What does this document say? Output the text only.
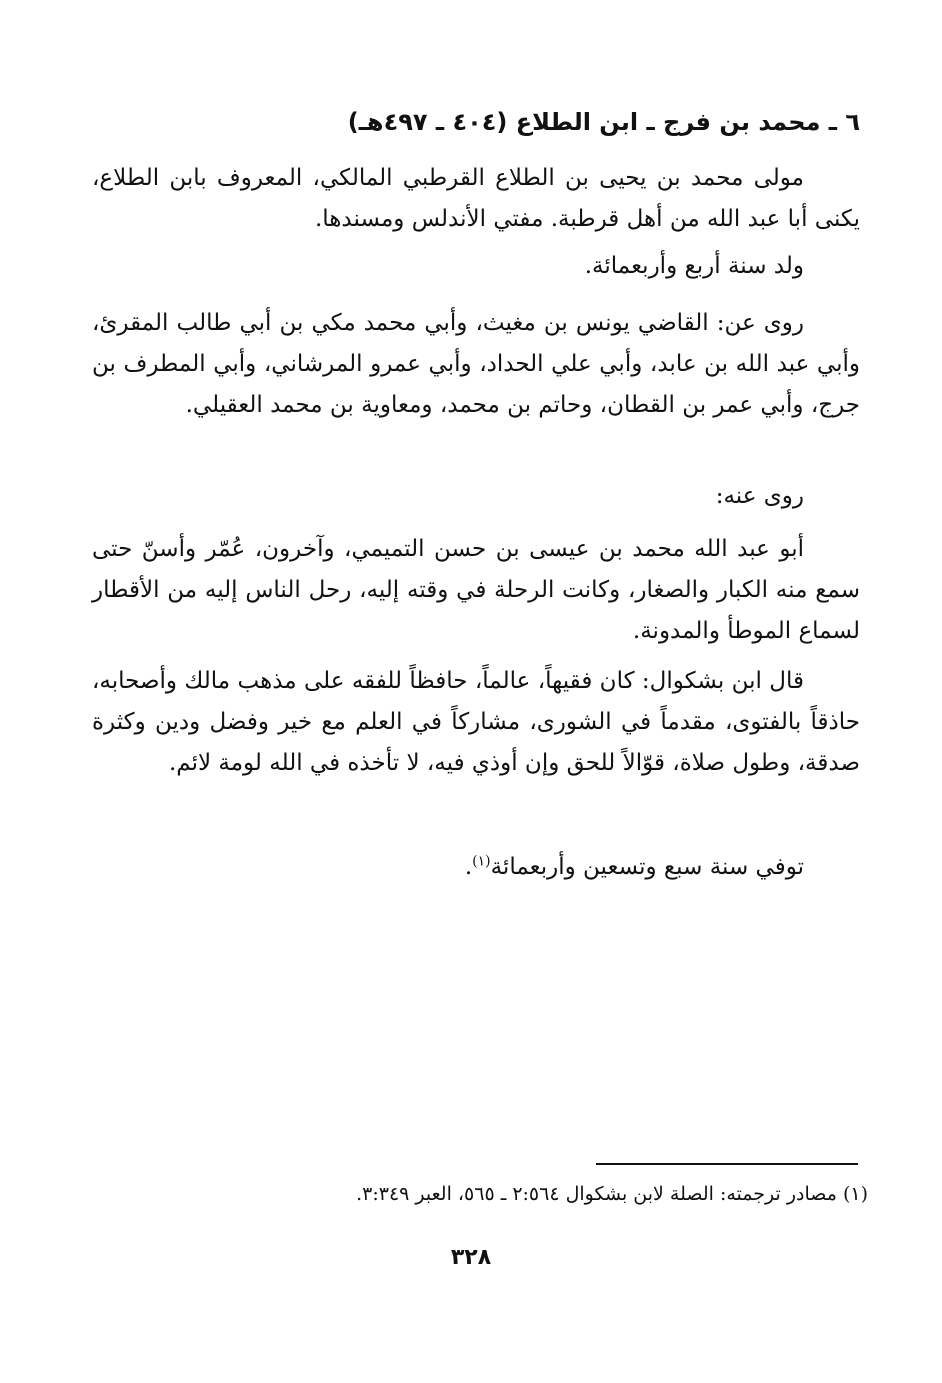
٦ ـ محمد بن فرج ـ ابن الطلاع (٤٠٤ ـ ٤٩٧هـ)

مولى محمد بن يحيى بن الطلاع القرطبي المالكي، المعروف بابن الطلاع، يكنى أبا عبد الله من أهل قرطبة. مفتي الأندلس ومسندها.

ولد سنة أربع وأربعمائة.

روى عن: القاضي يونس بن مغيث، وأبي محمد مكي بن أبي طالب المقرئ، وأبي عبد الله بن عابد، وأبي علي الحداد، وأبي عمرو المرشاني، وأبي المطرف بن جرج، وأبي عمر بن القطان، وحاتم بن محمد، ومعاوية بن محمد العقيلي.

روى عنه:

أبو عبد الله محمد بن عيسى بن حسن التميمي، وآخرون، عُمّر وأسنّ حتى سمع منه الكبار والصغار، وكانت الرحلة في وقته إليه، رحل الناس إليه من الأقطار لسماع الموطأ والمدونة.

قال ابن بشكوال: كان فقيهاً، عالماً، حافظاً للفقه على مذهب مالك وأصحابه، حاذقاً بالفتوى، مقدماً في الشورى، مشاركاً في العلم مع خير وفضل ودين وكثرة صدقة، وطول صلاة، قوّالاً للحق وإن أوذي فيه، لا تأخذه في الله لومة لائم.

توفي سنة سبع وتسعين وأربعمائة$^{(١)}$.

(١) مصادر ترجمته: الصلة لابن بشكوال ٢:٥٦٤ ـ ٥٦٥، العبر ٣:٣٤٩.
٣٢٨
